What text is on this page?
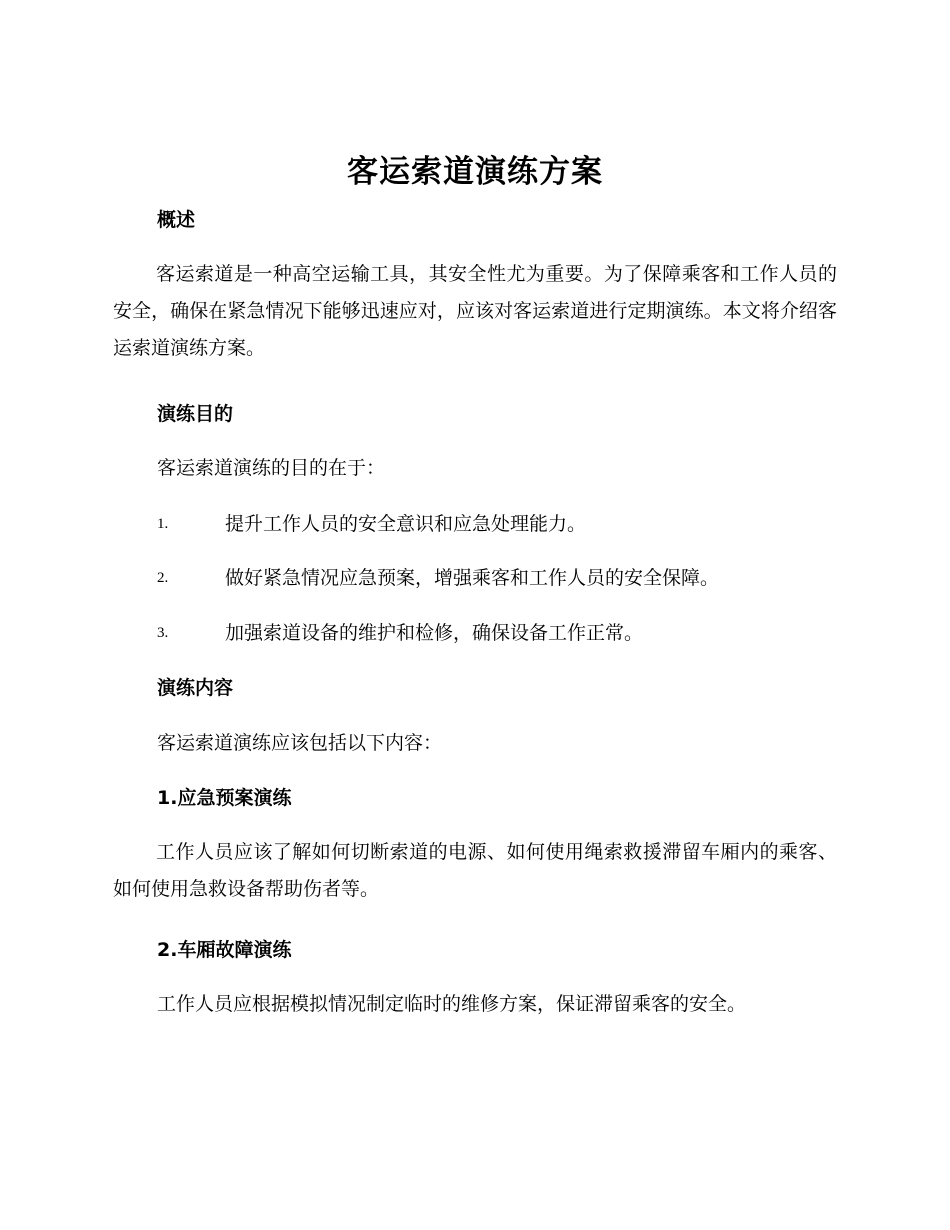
客运索道演练方案
概述
客运索道是一种高空运输工具，其安全性尤为重要。为了保障乘客和工作人员的安全，确保在紧急情况下能够迅速应对，应该对客运索道进行定期演练。本文将介绍客运索道演练方案。
演练目的
客运索道演练的目的在于：
1.	提升工作人员的安全意识和应急处理能力。
2.	做好紧急情况应急预案，增强乘客和工作人员的安全保障。
3.	加强索道设备的维护和检修，确保设备工作正常。
演练内容
客运索道演练应该包括以下内容：
1.应急预案演练
工作人员应该了解如何切断索道的电源、如何使用绳索救援滞留车厢内的乘客、如何使用急救设备帮助伤者等。
2.车厢故障演练
工作人员应根据模拟情况制定临时的维修方案，保证滞留乘客的安全。
